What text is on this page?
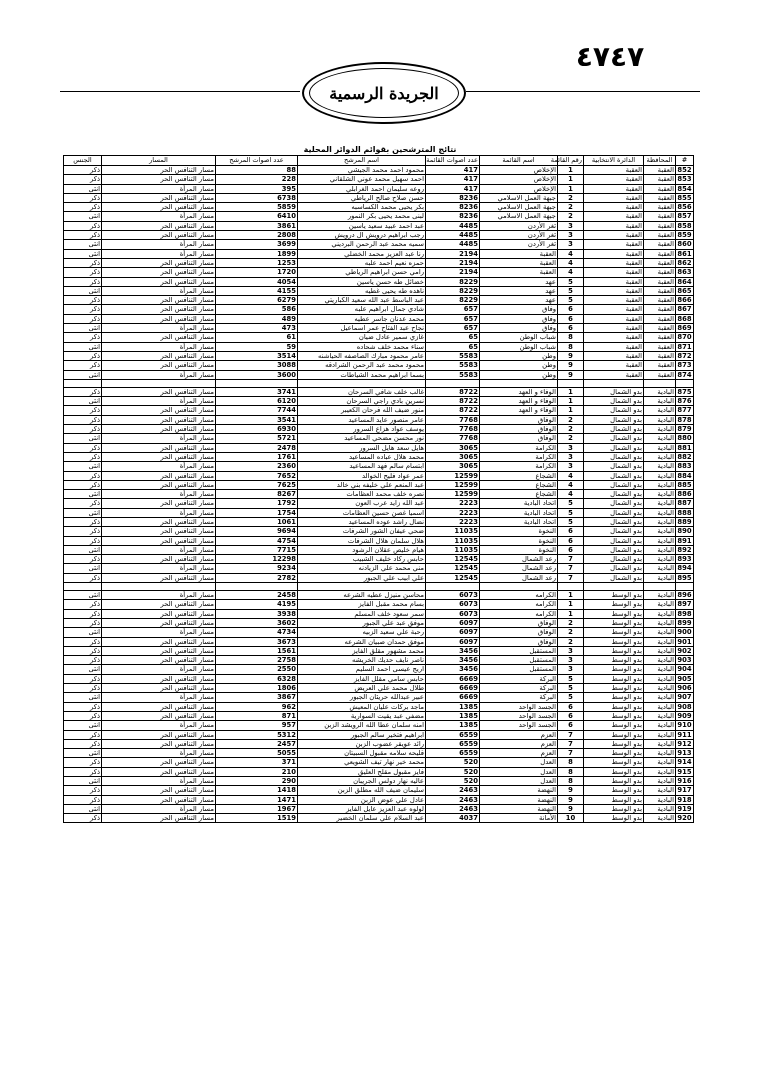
٤٧٤٧
الجريدة الرسمية
نتائج المترشحين بقوائم الدوائر المحلية
#	المحافظة	الدائرة الانتخابية	رقم القائمة	اسم القائمة	عدد اصوات القائمة	اسم المرشح	عدد اصوات المرشح	المسار	الجنس
852	العقبة	العقبة	1	الإخلاص	417	محمود احمد محمد الجيشي	88	مسار التنافس الحر	ذكر
853	العقبة	العقبة	1	الإخلاص	417	احمد سهيل محمد عوني الشلقاني	228	مسار التنافس الحر	ذكر
854	العقبة	العقبة	1	الإخلاص	417	روعه سليمان احمد الغرابلي	395	مسار المرأة	انثى
855	العقبة	العقبة	2	جبهة العمل الاسلامي	8236	حسن صلاح صالح الرياطي	6738	مسار التنافس الحر	ذكر
856	العقبة	العقبة	2	جبهة العمل الاسلامي	8236	بكر يحيى محمد الكساسبه	5859	مسار التنافس الحر	ذكر
857	العقبة	العقبة	2	جبهة العمل الاسلامي	8236	لبنى محمد يحيى بكر النمور	6410	مسار المرأة	انثى
858	العقبة	العقبة	3	ثغر الأردن	4485	عبد احمد عبيد سعيد ياسين	3861	مسار التنافس الحر	ذكر
859	العقبة	العقبة	3	ثغر الأردن	4485	رجب ابراهيم درويش ال درويش	2808	مسار التنافس الحر	ذكر
860	العقبة	العقبة	3	ثغر الأردن	4485	سميه محمد عبد الرحمن البرديني	3699	مسار المرأة	انثى
861	العقبة	العقبة	4	العقبة	2194	رنا عبد العزيز محمد الخضلي	1899	مسار المرأة	انثى
862	العقبة	العقبة	4	العقبة	2194	حمزه نعيم احمد علبه	1253	مسار التنافس الحر	ذكر
863	العقبة	العقبة	4	العقبة	2194	رامي حسن ابراهيم الرياطي	1720	مسار التنافس الحر	ذكر
864	العقبة	العقبة	5	عهد	8229	خضائل طه حسن ياسين	4054	مسار التنافس الحر	ذكر
865	العقبة	العقبة	5	عهد	8229	ناهده طه يحيى غطيه	4155	مسار المرأة	انثى
866	العقبة	العقبة	5	عهد	8229	عبد الباسط عبد الله سعيد الكباريتي	6279	مسار التنافس الحر	ذكر
867	العقبة	العقبة	6	وفاق	657	شادي جمال ابراهيم علبه	586	مسار التنافس الحر	ذكر
868	العقبة	العقبة	6	وفاق	657	محمد عدنان جاسر عطيه	489	مسار التنافس الحر	ذكر
869	العقبة	العقبة	6	وفاق	657	نجاح عبد الفتاح عمر اسماعيل	473	مسار المرأة	انثى
870	العقبة	العقبة	8	شباب الوطن	65	غازي سمير عادل ضيان	61	مسار التنافس الحر	ذكر
871	العقبة	العقبة	8	شباب الوطن	65	سناء محمد خلف شحاده	59	مسار المرأة	انثى
872	العقبة	العقبة	9	وطن	5583	عامر محمود مبارك الصاصفه الحياشنه	3514	مسار التنافس الحر	ذكر
873	العقبة	العقبة	9	وطن	5583	محمود محمد عبد الرحمن الشرادقه	3088	مسار التنافس الحر	ذكر
874	العقبة	العقبة	9	وطن	5583	بسما ابراهيم محمد الشياطات	3600	مسار المرأة	انثى

875	البادية	بدو الشمال	1	الوفاء و العهد	8722	غالب خلف شافي السرحان	3741	مسار التنافس الحر	ذكر
876	البادية	بدو الشمال	1	الوفاء و العهد	8722	نسرين بادي راجي السرحان	6120	مسار المرأة	انثى
877	البادية	بدو الشمال	1	الوفاء و العهد	8722	منور ضيف الله فرحان الكعيبر	7744	مسار التنافس الحر	ذكر
878	البادية	بدو الشمال	2	الوفاق	7768	عامر منصور عايد المساعيد	3541	مسار التنافس الحر	ذكر
879	البادية	بدو الشمال	2	الوفاق	7768	يوسف عواد هزاع السرور	6930	مسار التنافس الحر	ذكر
880	البادية	بدو الشمال	2	الوفاق	7768	نور محسن مضحي المساعيد	5721	مسار المرأة	انثى
881	البادية	بدو الشمال	3	الكرامة	3065	هايل سعد هايل السرور	2478	مسار التنافس الحر	ذكر
882	البادية	بدو الشمال	3	الكرامة	3065	محمد هلال عباده المساعيد	1761	مسار التنافس الحر	ذكر
883	البادية	بدو الشمال	3	الكرامة	3065	ابتسام سالم فهد المساعيد	2360	مسار المرأة	انثى
884	البادية	بدو الشمال	4	الشجاع	12599	عمر عواد فليح الخوالد	7652	مسار التنافس الحر	ذكر
885	البادية	بدو الشمال	4	الشجاع	12599	عبد المنعم علي خليفه بني خالد	7625	مسار التنافس الحر	ذكر
886	البادية	بدو الشمال	4	الشجاع	12599	نصره خلف محمد العظامات	8267	مسار المرأة	انثى
887	البادية	بدو الشمال	5	اتحاد البادية	2223	عبد الله زايد عرب العون	1792	مسار التنافس الحر	ذكر
888	البادية	بدو الشمال	5	اتحاد البادية	2223	اسميا غصن حسين العظامات	1754	مسار المرأة	انثى
889	البادية	بدو الشمال	5	اتحاد البادية	2223	نضال راشد عوده المساعيد	1061	مسار التنافس الحر	ذكر
890	البادية	بدو الشمال	6	النخوة	11035	ضحي عيفان الشور الشرفات	9694	مسار التنافس الحر	ذكر
891	البادية	بدو الشمال	6	النخوة	11035	هلال سلمان هلال الشرفات	4754	مسار التنافس الحر	ذكر
892	البادية	بدو الشمال	6	النخوة	11035	هيام خليص عقلان الرشود	7715	مسار المرأة	انثى
893	البادية	بدو الشمال	7	رعد الشمال	12545	حابس ركاد خليف الشبيب	12298	مسار التنافس الحر	ذكر
894	البادية	بدو الشمال	7	رعد الشمال	12545	مني محمد علي الزيادنه	9234	مسار المرأة	انثى
895	البادية	بدو الشمال	7	رعد الشمال	12545	علي ابيب علي الجبور	2782	مسار التنافس الحر	ذكر

896	البادية	بدو الوسط	1	الكرامه	6073	محاسن منيزل عطيه الشرعه	2458	مسار المرأة	انثى
897	البادية	بدو الوسط	1	الكرامه	6073	بسام محمد مقبل الفايز	4195	مسار التنافس الحر	ذكر
898	البادية	بدو الوسط	1	الكرامه	6073	سمر سعود خلف المسلم	3938	مسار التنافس الحر	ذكر
899	البادية	بدو الوسط	2	الوفاق	6097	موفق عبد علي الجبور	3602	مسار التنافس الحر	ذكر
900	البادية	بدو الوسط	2	الوفاق	6097	رحبة علي سعيد الزبيه	4734	مسار المرأة	انثى
901	البادية	بدو الوسط	2	الوفاق	6097	موفق حمدان صبيان الشرعه	3673	مسار التنافس الحر	ذكر
902	البادية	بدو الوسط	3	المستقبل	3456	محمد مشهور مقلق الفايز	1561	مسار التنافس الحر	ذكر
903	البادية	بدو الوسط	3	المستقبل	3456	ناصر نايف حديك الخريشه	2758	مسار التنافس الحر	ذكر
904	البادية	بدو الوسط	3	المستقبل	3456	اريج عيسى احمد السليم	2550	مسار المرأة	انثى
905	البادية	بدو الوسط	5	البركة	6669	حابس سامي مقلل الفايز	6328	مسار التنافس الحر	ذكر
906	البادية	بدو الوسط	5	البركة	6669	طلال محمد علي العريض	1806	مسار التنافس الحر	ذكر
907	البادية	بدو الوسط	5	البركة	6669	عبير عبدالله حريثان الجبور	3867	مسار المرأة	انثى
908	البادية	بدو الوسط	6	الجسد الواحد	1385	ماجد بركات عليان المعيش	962	مسار التنافس الحر	ذكر
909	البادية	بدو الوسط	6	الجسد الواحد	1385	مضفي عبد يقيت السوارية	871	مسار التنافس الحر	ذكر
910	البادية	بدو الوسط	6	الجسد الواحد	1385	امنه سلمان عطا الله الرويشد الزبن	957	مسار المرأة	انثى
911	البادية	بدو الوسط	7	العزم	6559	ابراهيم فتخير سالم الجبور	5312	مسار التنافس الحر	ذكر
912	البادية	بدو الوسط	7	العزم	6559	رائد عويقر عضوب الزبن	2457	مسار التنافس الحر	ذكر
913	البادية	بدو الوسط	7	العزم	6559	قليحه سلامه مقبول السبيتان	5055	مسار المرأة	انثى
914	البادية	بدو الوسط	8	العدل	520	محمد خير نهار تيف الشويعي	371	مسار التنافس الحر	ذكر
915	البادية	بدو الوسط	8	العدل	520	فايز مقبول مقلح العليق	210	مسار التنافس الحر	ذكر
916	البادية	بدو الوسط	8	العدل	520	عاليه نهار دولس الجريبان	290	مسار المرأة	انثى
917	البادية	بدو الوسط	9	النهضة	2463	سليمان ضيف الله مطلق الزبن	1418	مسار التنافس الحر	ذكر
918	البادية	بدو الوسط	9	النهضة	2463	عادل علي عوض الزبن	1471	مسار التنافس الحر	ذكر
919	البادية	بدو الوسط	9	النهضة	2463	لولوه عبد العزيز عايل الفايز	1967	مسار المرأة	انثى
920	البادية	بدو الوسط	10	الأمانة	4037	عبد السلام علي سلمان الخضير	1519	مسار التنافس الحر	ذكر
